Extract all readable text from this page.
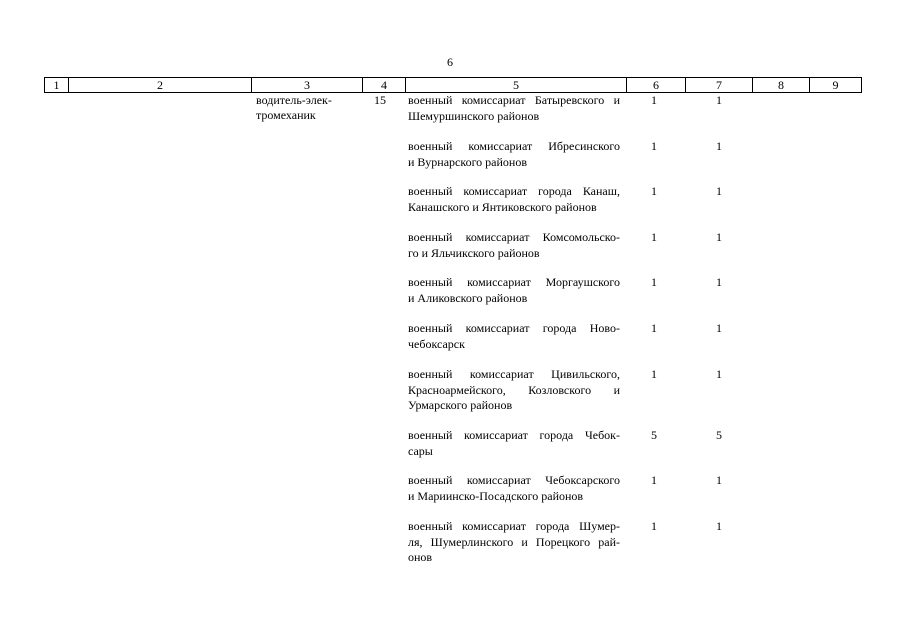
6
1	2	3	4	5	6	7	8	9
водитель-элек-
тромеханик
15 военный комиссариат Батыревского и
Шемуршинского районов
1	1
военный комиссариат Ибресинского
и Вурнарского районов
1	1
военный комиссариат города Канаш,
Канашского и Янтиковского районов
1	1
военный комиссариат Комсомольско-
го и Яльчикского районов
1	1
военный комиссариат Моргаушского
и Аликовского районов
1	1
военный комиссариат города Ново-
чебоксарск
1	1
военный комиссариат Цивильского,
Красноармейского, Козловского и
Урмарского районов
1	1
военный комиссариат города Чебок-
сары
5	5
военный комиссариат Чебоксарского
и Мариинско-Посадского районов
1	1
военный комиссариат города Шумер-
ля, Шумерлинского и Порецкого рай-
онов
1	1
